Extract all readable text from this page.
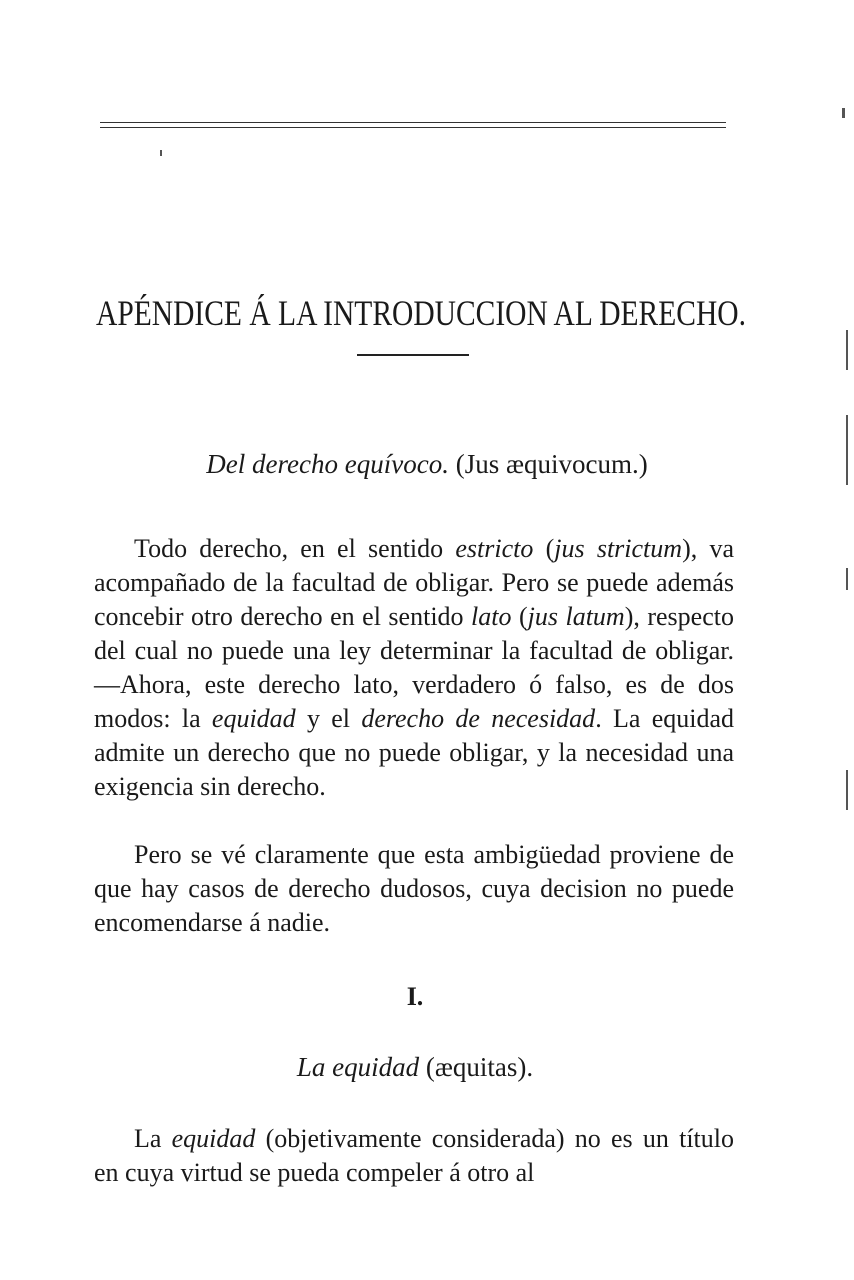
APÉNDICE Á LA INTRODUCCION AL DERECHO.
Del derecho equívoco. (Jus æquivocum.)
Todo derecho, en el sentido estricto (jus strictum), va acompañado de la facultad de obligar. Pero se puede además concebir otro derecho en el sentido lato (jus latum), respecto del cual no puede una ley determinar la facultad de obligar.—Ahora, este derecho lato, verdadero ó falso, es de dos modos: la equidad y el derecho de necesidad. La equidad admite un derecho que no puede obligar, y la necesidad una exigencia sin derecho.
Pero se vé claramente que esta ambigüedad proviene de que hay casos de derecho dudosos, cuya decision no puede encomendarse á nadie.
I.
La equidad (æquitas).
La equidad (objetivamente considerada) no es un título en cuya virtud se pueda compeler á otro al
